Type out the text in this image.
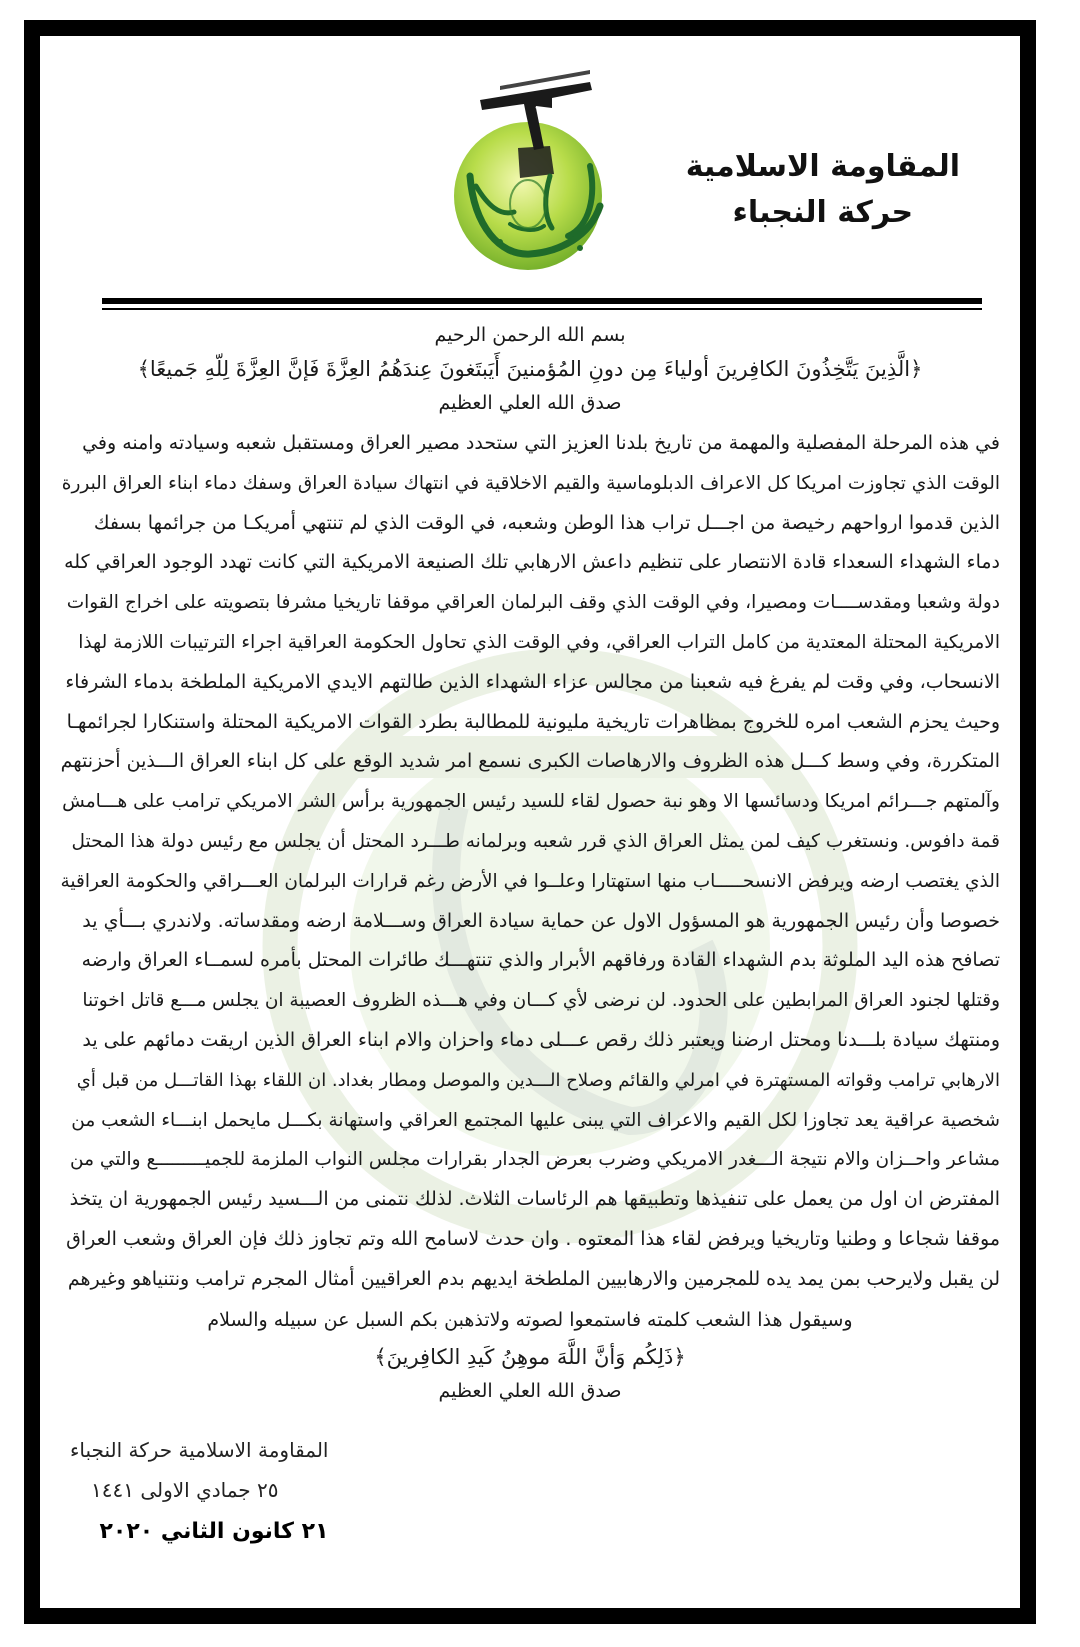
المقاومة الاسلامية
حركة النجباء
بسم الله الرحمن الرحيم
﴿الَّذِينَ يَتَّخِذُونَ الكافِرينَ أولياءَ مِن دونِ المُؤمنينَ أَيَبتَغونَ عِندَهُمُ العِزَّةَ فَإنَّ العِزَّةَ لِلّهِ جَميعًا﴾
صدق الله العلي العظيم
في هذه المرحلة المفصلية والمهمة من تاريخ بلدنا العزيز التي ستحدد مصير العراق ومستقبل شعبه وسيادته وامنه وفي
الوقت الذي تجاوزت امريكا كل الاعراف الدبلوماسية والقيم الاخلاقية في انتهاك سيادة العراق وسفك دماء ابناء العراق البررة
الذين قدموا ارواحهم رخيصة من اجـــل تراب هذا الوطن وشعبه، في الوقت الذي لم تنتهي أمريكـا من جرائمها بسفك
دماء الشهداء السعداء قادة الانتصار على تنظيم داعش الارهابي تلك الصنيعة الامريكية التي كانت تهدد الوجود العراقي كله
دولة وشعبا ومقدســــات ومصيرا، وفي الوقت الذي وقف البرلمان العراقي موقفا تاريخيا مشرفا بتصويته على اخراج القوات
الامريكية المحتلة المعتدية من كامل التراب العراقي، وفي الوقت الذي تحاول الحكومة العراقية اجراء الترتيبات اللازمة لهذا
الانسحاب، وفي وقت لم يفرغ فيه شعبنا من مجالس عزاء الشهداء الذين طالتهم الايدي الامريكية الملطخة بدماء الشرفاء
وحيث يحزم الشعب امره للخروج بمظاهرات تاريخية مليونية للمطالبة بطرد القوات الامريكية المحتلة واستنكارا لجرائمهـا
المتكررة، وفي وسط كـــل هذه الظروف والارهاصات الكبرى نسمع امر شديد الوقع على كل ابناء العراق الـــذين أحزنتهم
وآلمتهم جـــرائم امريكا ودسائسها الا وهو نبة حصول لقاء للسيد رئيس الجمهورية برأس الشر الامريكي ترامب على هـــامش
قمة دافوس. ونستغرب كيف لمن يمثل العراق الذي قرر شعبه وبرلمانه طـــرد المحتل أن يجلس مع رئيس دولة هذا المحتل
الذي يغتصب ارضه ويرفض الانسحـــــاب منها استهتارا وعلــوا في الأرض رغم قرارات البرلمان العـــراقي والحكومة العراقية
خصوصا وأن رئيس الجمهورية هو المسؤول الاول عن حماية سيادة العراق وســـلامة ارضه ومقدساته. ولاندري بـــأي يد
تصافح هذه اليد الملوثة بدم الشهداء القادة ورفاقهم الأبرار والذي تنتهـــك طائرات المحتل بأمره لسمــاء العراق وارضه
وقتلها لجنود العراق المرابطين على الحدود. لن نرضى لأي كـــان وفي هـــذه الظروف العصيبة ان يجلس مـــع قاتل اخوتنا
ومنتهك سيادة بلـــدنا ومحتل ارضنا ويعتبر ذلك رقص عـــلى دماء واحزان والام ابناء العراق الذين اريقت دمائهم على يد
الارهابي ترامب وقواته المستهترة في امرلي والقائم وصلاح الـــدين والموصل ومطار بغداد. ان اللقاء بهذا القاتـــل من قبل أي
شخصية عراقية يعد تجاوزا لكل القيم والاعراف التي يبنى عليها المجتمع العراقي واستهانة بكـــل مايحمل ابنـــاء الشعب من
مشاعر واحــزان والام نتيجة الـــغدر الامريكي وضرب بعرض الجدار بقرارات مجلس النواب الملزمة للجميـــــــــع والتي من
المفترض ان اول من يعمل على تنفيذها وتطبيقها هم الرئاسات الثلاث. لذلك نتمنى من الـــسيد رئيس الجمهورية ان يتخذ
موقفا شجاعا و وطنيا وتاريخيا ويرفض لقاء هذا المعتوه . وان حدث لاسامح الله وتم تجاوز ذلك فإن العراق وشعب العراق
لن يقبل ولايرحب بمن يمد يده للمجرمين والارهابيين الملطخة ايديهم بدم العراقيين أمثال المجرم ترامب ونتنياهو وغيرهم
وسيقول هذا الشعب كلمته فاستمعوا لصوته ولاتذهبن بكم السبل عن سبيله والسلام
﴿ذَلِكُم وَأنَّ اللَّهَ موهِنُ كَيدِ الكافِرينَ﴾
صدق الله العلي العظيم
المقاومة الاسلامية حركة النجباء
٢٥ جمادي الاولى ١٤٤١
٢١ كانون الثاني ٢٠٢٠
